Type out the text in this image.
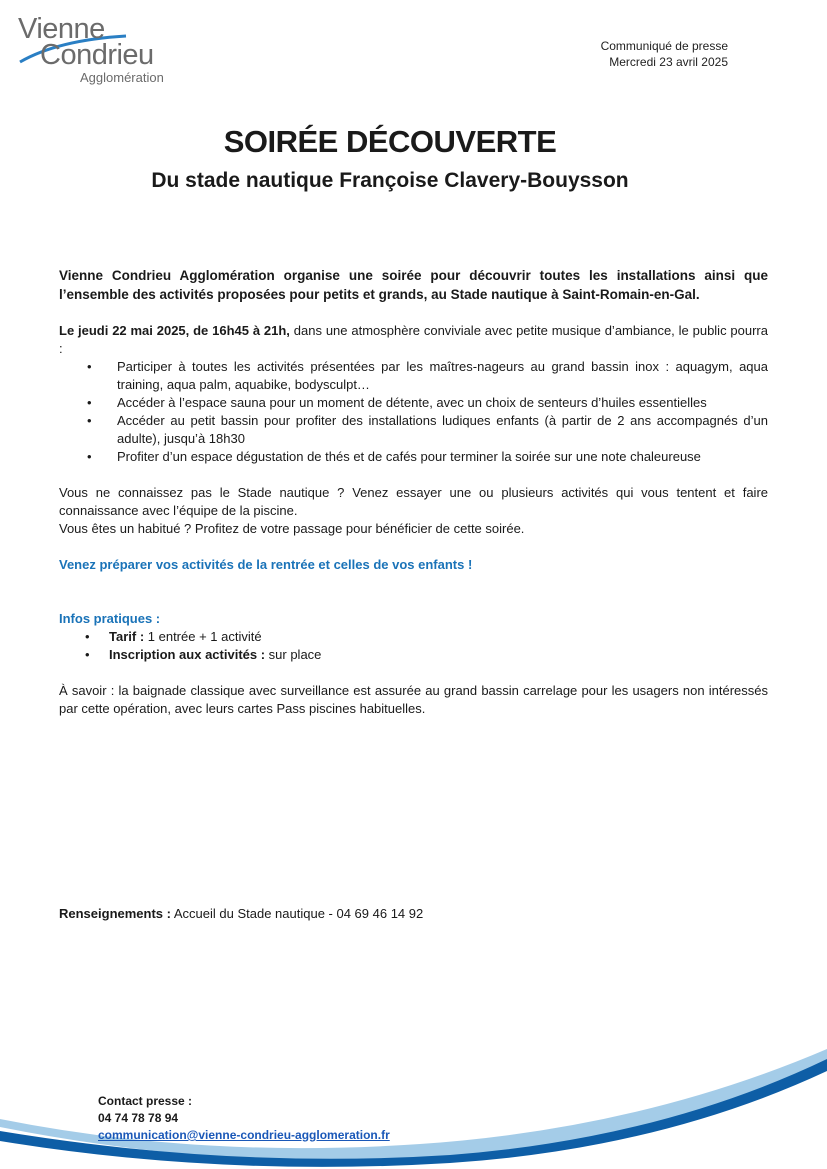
Vienne
Condrieu
Agglomération
Communiqué de presse
Mercredi 23 avril 2025
SOIRÉE DÉCOUVERTE
Du stade nautique Françoise Clavery-Bouysson

Vienne Condrieu Agglomération organise une soirée pour découvrir toutes les installations ainsi que l’ensemble des activités proposées pour petits et grands, au Stade nautique à Saint-Romain-en-Gal.

Le jeudi 22 mai 2025, de 16h45 à 21h, dans une atmosphère conviviale avec petite musique d’ambiance, le public pourra :

• Participer à toutes les activités présentées par les maîtres-nageurs au grand bassin inox : aquagym, aqua training, aqua palm, aquabike, bodysculpt…
• Accéder à l’espace sauna pour un moment de détente, avec un choix de senteurs d’huiles essentielles
• Accéder au petit bassin pour profiter des installations ludiques enfants (à partir de 2 ans accompagnés d’un adulte), jusqu’à 18h30
• Profiter d’un espace dégustation de thés et de cafés pour terminer la soirée sur une note chaleureuse

Vous ne connaissez pas le Stade nautique ? Venez essayer une ou plusieurs activités qui vous tentent et faire connaissance avec l’équipe de la piscine.

Vous êtes un habitué ? Profitez de votre passage pour bénéficier de cette soirée.

Venez préparer vos activités de la rentrée et celles de vos enfants !

Infos pratiques :

• Tarif : 1 entrée + 1 activité
• Inscription aux activités : sur place

À savoir : la baignade classique avec surveillance est assurée au grand bassin carrelage pour les usagers non intéressés par cette opération, avec leurs cartes Pass piscines habituelles.

Renseignements : Accueil du Stade nautique - 04 69 46 14 92
Contact presse :
04 74 78 78 94
communication@vienne-condrieu-agglomeration.fr
